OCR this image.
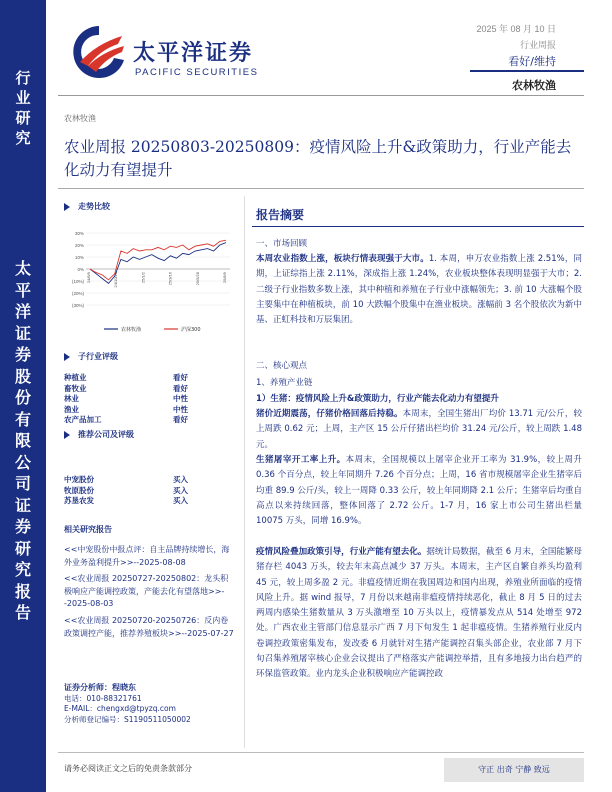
行
业
研
究
太
平
洋
证
券
股
份
有
限
公
司
证
券
研
究
报
告
太平洋证券
PACIFIC SECURITIES
2025 年 08 月 10 日
行业周报
看好/维持
农林牧渔
农林牧渔
农业周报 20250803-20250809：疫情风险上升&政策助力，行业产能去化动力有望提升
走势比较
30%
20%
10%
0%
(10%)
(20%)
(30%)
24/8/9	24/10/21	25/1/2	25/3/16	25/5/28	25/8/9
农林牧渔	沪深300
子行业评级
种植业	看好
畜牧业	看好
林业	中性
渔业	中性
农产品加工	看好
推荐公司及评级
中宠股份	买入
牧原股份	买入
苏垦农发	买入
相关研究报告
<<中宠股份中报点评：自主品牌持续增长，海外业务盈利提升>>--2025-08-08
<<农业周报 20250727-20250802：龙头积极响应产能调控政策，产能去化有望落地>>--2025-08-03
<<农业周报 20250720-20250726：反内卷政策调控产能，推荐养殖板块>>--2025-07-27
证券分析师：程晓东
电话：010-88321761
E-MAIL：chengxd@tpyzq.com
分析师登记编号：S1190511050002
报告摘要
一、市场回顾
本周农业指数上涨，板块行情表现强于大市。1. 本周，申万农业指数上涨 2.51%，同期，上证综指上涨 2.11%，深成指上涨 1.24%，农业板块整体表现明显强于大市；2. 二级子行业指数多数上涨，其中种植和养殖在子行业中涨幅领先；3. 前 10 大涨幅个股主要集中在种植板块，前 10 大跌幅个股集中在渔业板块。涨幅前 3 名个股依次为新中基、正虹科技和万辰集团。
二、核心观点
1、养殖产业链
1）生猪：疫情风险上升&政策助力，行业产能去化动力有望提升
猪价近期震荡，仔猪价格回落后持稳。本周末，全国生猪出厂均价 13.71 元/公斤，较上周跌 0.62 元；上周，主产区 15 公斤仔猪出栏均价 31.24 元/公斤，较上周跌 1.48 元。
生猪屠宰开工率上升。本周末，全国规模以上屠宰企业开工率为 31.9%，较上周升 0.36 个百分点，较上年同期升 7.26 个百分点；上周，16 省市规模屠宰企业生猪宰后均重 89.9 公斤/头，较上一周降 0.33 公斤，较上年同期降 2.1 公斤；生猪宰后均重自高点以来持续回落，整体回落了 2.72 公斤。1-7 月，16 家上市公司生猪出栏量 10075 万头，同增 16.9%。
疫情风险叠加政策引导，行业产能有望去化。据统计局数据，截至 6 月末，全国能繁母猪存栏 4043 万头，较去年末高点减少 37 万头。本周末，主产区自繁自养头均盈利 45 元，较上周多盈 2 元。非瘟疫情近期在我国周边和国内出现，养殖业所面临的疫情风险上升。据 wind 报导，7 月份以来越南非瘟疫情持续恶化，截止 8 月 5 日的过去两周内感染生猪数量从 3 万头激增至 10 万头以上，疫情暴发点从 514 处增至 972 处。广西农业主管部门信息显示广西 7 月下旬发生 1 起非瘟疫情。生猪养殖行业反内卷调控政策密集发布，发改委 6 月就针对生猪产能调控召集头部企业，农业部 7 月下旬召集养殖屠宰核心企业会议提出了严格落实产能调控举措，且有多地接力出台趋严的环保监管政策。业内龙头企业积极响应产能调控政
请务必阅读正文之后的免责条款部分	守正 出奇 宁静 致远
